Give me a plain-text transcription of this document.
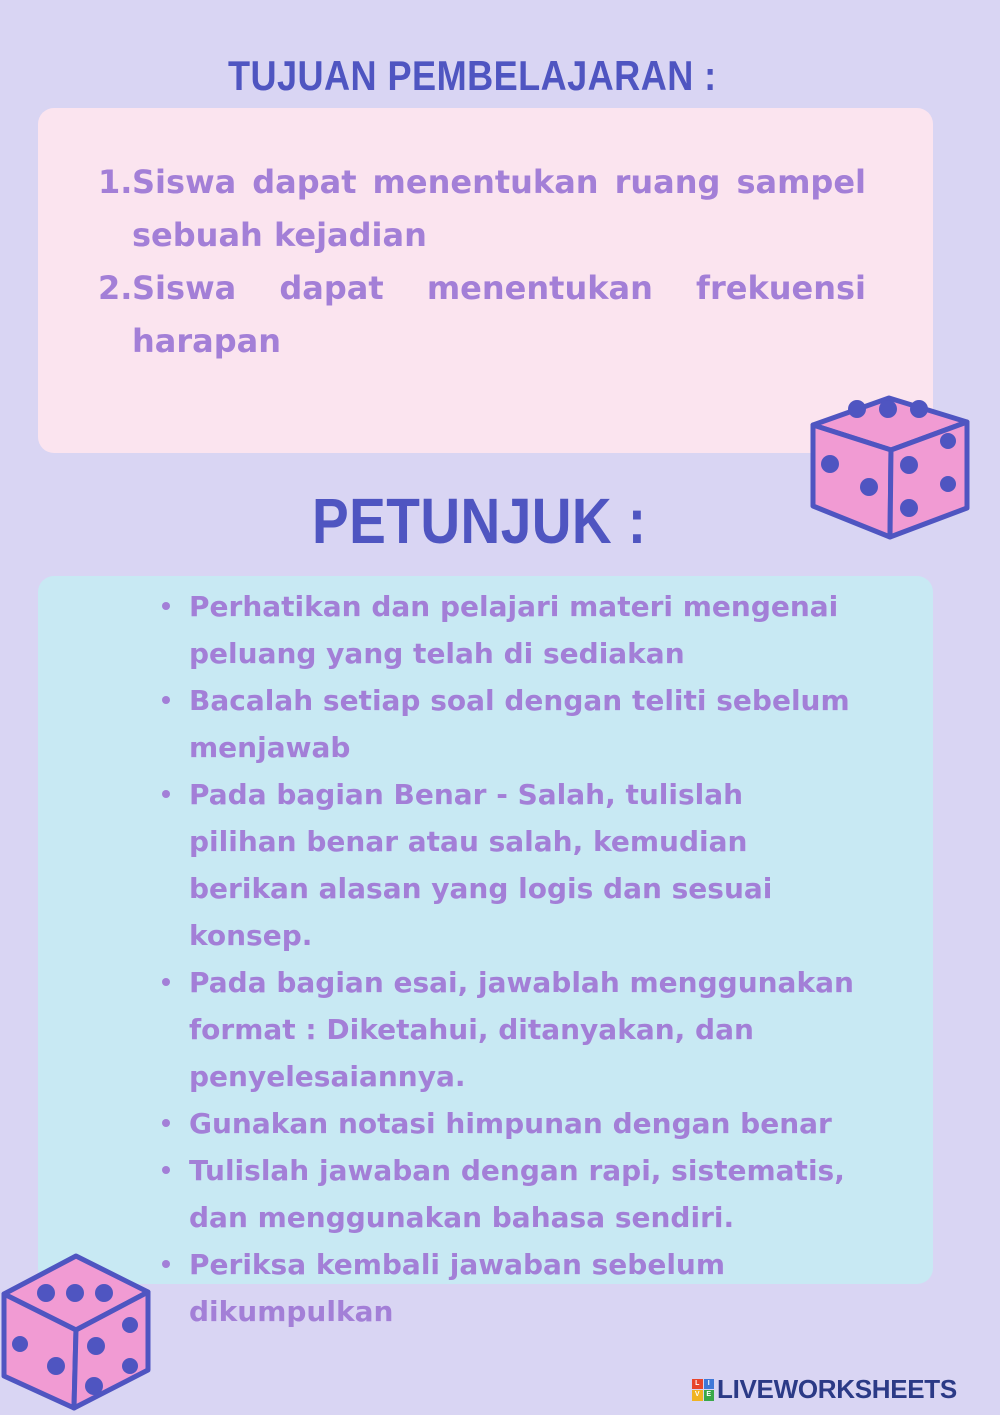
TUJUAN PEMBELAJARAN :
1. Siswa dapat menentukan ruang sampel sebuah kejadian
2. Siswa dapat menentukan frekuensi harapan
PETUNJUK :
Perhatikan dan pelajari materi mengenai peluang yang telah di sediakan
Bacalah setiap soal dengan teliti sebelum menjawab
Pada bagian Benar - Salah, tulislah pilihan benar atau salah, kemudian berikan alasan yang logis dan sesuai konsep.
Pada bagian esai, jawablah menggunakan format : Diketahui, ditanyakan, dan penyelesaiannya.
Gunakan notasi himpunan dengan benar
Tulislah jawaban dengan rapi, sistematis, dan menggunakan bahasa sendiri.
Periksa kembali jawaban sebelum dikumpulkan
L	I
V E LIVEWORKSHEETS
